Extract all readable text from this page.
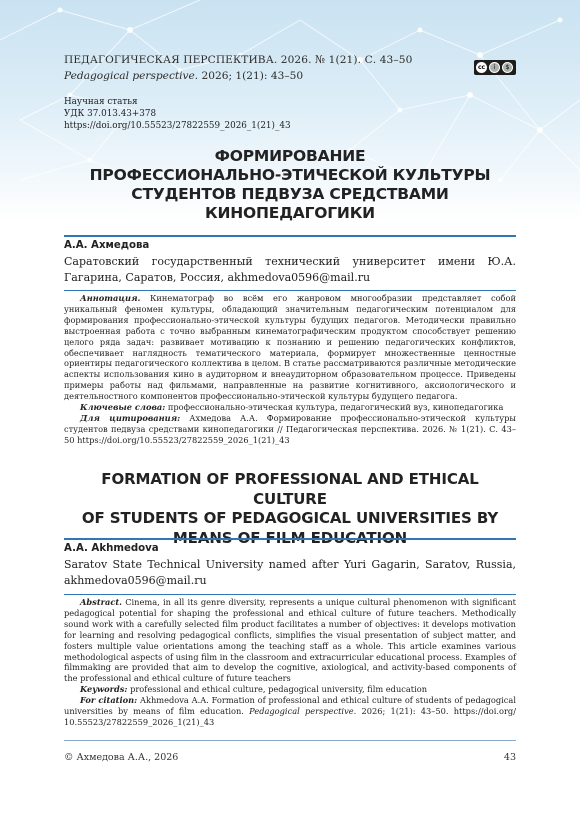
ПЕДАГОГИЧЕСКАЯ ПЕРСПЕКТИВА. 2026. № 1(21). С. 43–50
Pedagogical perspective. 2026; 1(21): 43–50
cc	i	$
Научная статья
УДК 37.013.43+378
https://doi.org/10.55523/27822559_2026_1(21)_43
ФОРМИРОВАНИЕ
ПРОФЕССИОНАЛЬНО-ЭТИЧЕСКОЙ КУЛЬТУРЫ
СТУДЕНТОВ ПЕДВУЗА СРЕДСТВАМИ
КИНОПЕДАГОГИКИ
А.А. Ахмедова
Саратовский государственный технический университет имени Ю.А. Гагарина, Саратов, Россия, akhmedova0596@mail.ru
Аннотация. Кинематограф во всём его жанровом многообразии представляет собой уникальный феномен культуры, обладающий значительным педагогическим потенциалом для формирования профессионально-этической культуры будущих педагогов. Методически правильно выстроенная работа с точно выбранным кинематографическим продуктом способствует решению целого ряда задач: развивает мотивацию к познанию и решению педагогических конфликтов, обеспечивает наглядность тематического материала, формирует множественные ценностные ориентиры педагогического коллектива в целом. В статье рассматриваются различные методические аспекты использования кино в аудиторном и внеаудиторном образовательном процессе. Приведены примеры работы над фильмами, направленные на развитие когнитивного, аксиологического и деятельностного компонентов профессионально-этической культуры будущего педагога.
Ключевые слова: профессионально-этическая культура, педагогический вуз, кинопедагогика
Для цитирования: Ахмедова А.А. Формирование профессионально-этической культуры студентов педвуза средствами кинопедагогики // Педагогическая перспектива. 2026. № 1(21). С. 43–50 https://doi.org/10.55523/27822559_2026_1(21)_43
FORMATION OF PROFESSIONAL AND ETHICAL CULTURE
OF STUDENTS OF PEDAGOGICAL UNIVERSITIES BY
A.A. Akhmedova
Saratov State Technical University named after Yuri Gagarin, Saratov, Russia, akhmedova0596@mail.ru
Abstract. Cinema, in all its genre diversity, represents a unique cultural phenomenon with significant pedagogical potential for shaping the professional and ethical culture of future teachers. Methodically sound work with a carefully selected film product facilitates a number of objectives: it develops motivation for learning and resolving pedagogical conflicts, simplifies the visual presentation of subject matter, and fosters multiple value orientations among the teaching staff as a whole. This article examines various methodological aspects of using film in the classroom and extracurricular educational process. Examples of filmmaking are provided that aim to develop the cognitive, axiological, and activity-based components of the professional and ethical culture of future teachers
Keywords: professional and ethical culture, pedagogical university, film education
For citation: Akhmedova A.A. Formation of professional and ethical culture of students of pedagogical universities by means of film education. Pedagogical perspective. 2026; 1(21): 43–50. https://doi.org/ 10.55523/27822559_2026_1(21)_43
© Ахмедова А.А., 2026	43
